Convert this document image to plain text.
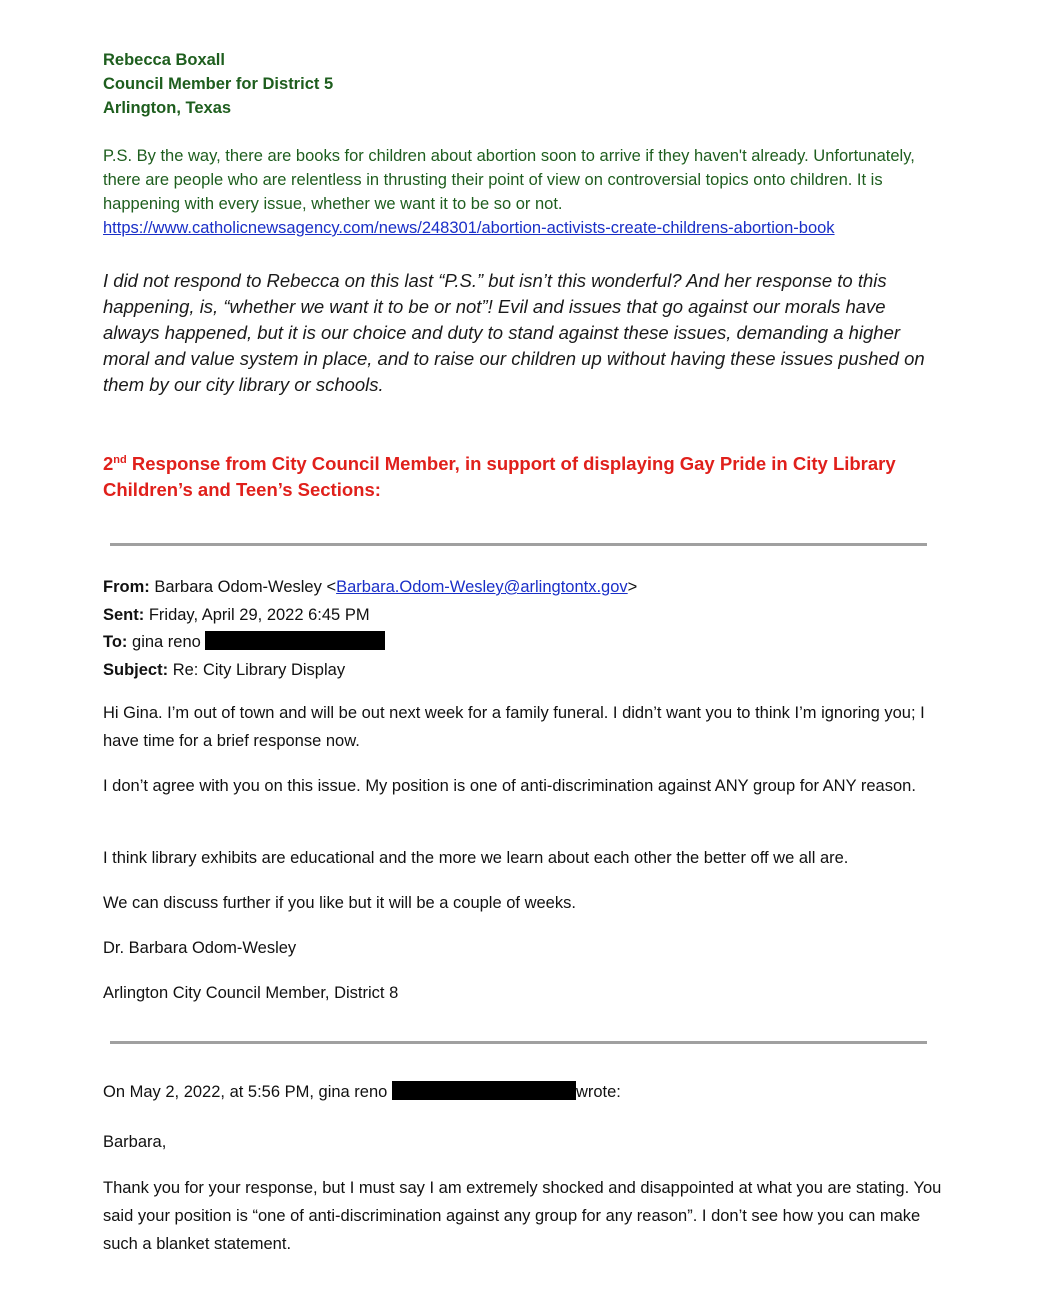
Rebecca Boxall
Council Member for District 5
Arlington, Texas
P.S. By the way, there are books for children about abortion soon to arrive if they haven't already. Unfortunately, there are people who are relentless in thrusting their point of view on controversial topics onto children. It is happening with every issue, whether we want it to be so or not.
https://www.catholicnewsagency.com/news/248301/abortion-activists-create-childrens-abortion-book
I did not respond to Rebecca on this last “P.S.” but isn’t this wonderful? And her response to this happening, is, “whether we want it to be or not”! Evil and issues that go against our morals have always happened, but it is our choice and duty to stand against these issues, demanding a higher moral and value system in place, and to raise our children up without having these issues pushed on them by our city library or schools.
2nd Response from City Council Member, in support of displaying Gay Pride in City Library Children’s and Teen’s Sections:
From: Barbara Odom-Wesley <Barbara.Odom-Wesley@arlingtontx.gov>
Sent: Friday, April 29, 2022 6:45 PM
To: gina reno
Subject: Re: City Library Display
Hi Gina. I’m out of town and will be out next week for a family funeral. I didn’t want you to think I’m ignoring you; I have time for a brief response now.
I don’t agree with you on this issue. My position is one of anti-discrimination against ANY group for ANY reason.
I think library exhibits are educational and the more we learn about each other the better off we all are.
We can discuss further if you like but it will be a couple of weeks.
Dr. Barbara Odom-Wesley
Arlington City Council Member, District 8
On May 2, 2022, at 5:56 PM, gina reno	wrote:
Barbara,
Thank you for your response, but I must say I am extremely shocked and disappointed at what you are stating. You said your position is “one of anti-discrimination against any group for any reason”. I don’t see how you can make such a blanket statement.
